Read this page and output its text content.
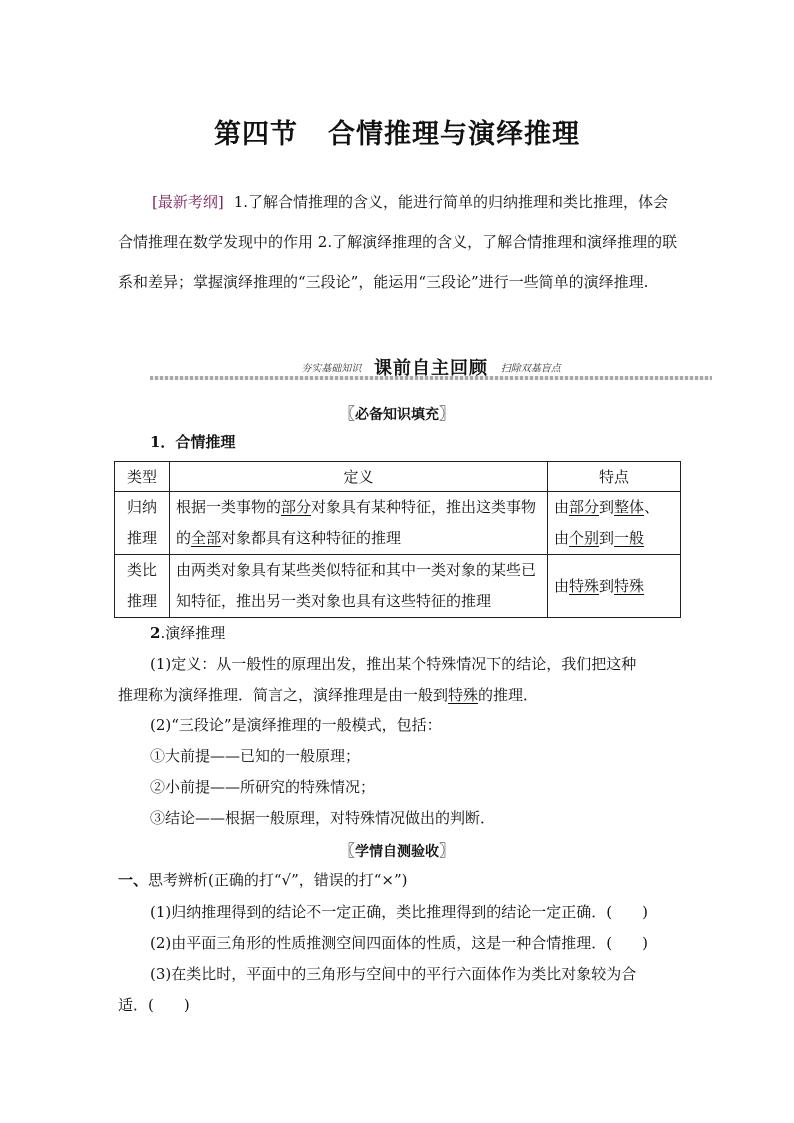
第四节 合情推理与演绎推理
[最新考纲] 1.了解合情推理的含义，能进行简单的归纳推理和类比推理，体会合情推理在数学发现中的作用 2.了解演绎推理的含义，了解合情推理和演绎推理的联系和差异；掌握演绎推理的“三段论”，能运用“三段论”进行一些简单的演绎推理.
夯实基础知识 课前自主回顾 扫除双基盲点
〖必备知识填充〗
1．合情推理
类型	定义	特点
归纳推理	根据一类事物的部分对象具有某种特征，推出这类事物的全部对象都具有这种特征的推理	由部分到整体、由个别到一般
类比推理	由两类对象具有某些类似特征和其中一类对象的某些已知特征，推出另一类对象也具有这些特征的推理	由特殊到特殊
2.演绎推理
(1)定义：从一般性的原理出发，推出某个特殊情况下的结论，我们把这种
推理称为演绎推理．简言之，演绎推理是由一般到特殊的推理．
(2)“三段论”是演绎推理的一般模式，包括：
①大前提——已知的一般原理；
②小前提——所研究的特殊情况；
③结论——根据一般原理，对特殊情况做出的判断．
〖学情自测验收〗
一、思考辨析(正确的打“√”，错误的打“×”)
(1)归纳推理得到的结论不一定正确，类比推理得到的结论一定正确．(　　)
(2)由平面三角形的性质推测空间四面体的性质，这是一种合情推理．(　　)
(3)在类比时，平面中的三角形与空间中的平行六面体作为类比对象较为合
适．(　　)
